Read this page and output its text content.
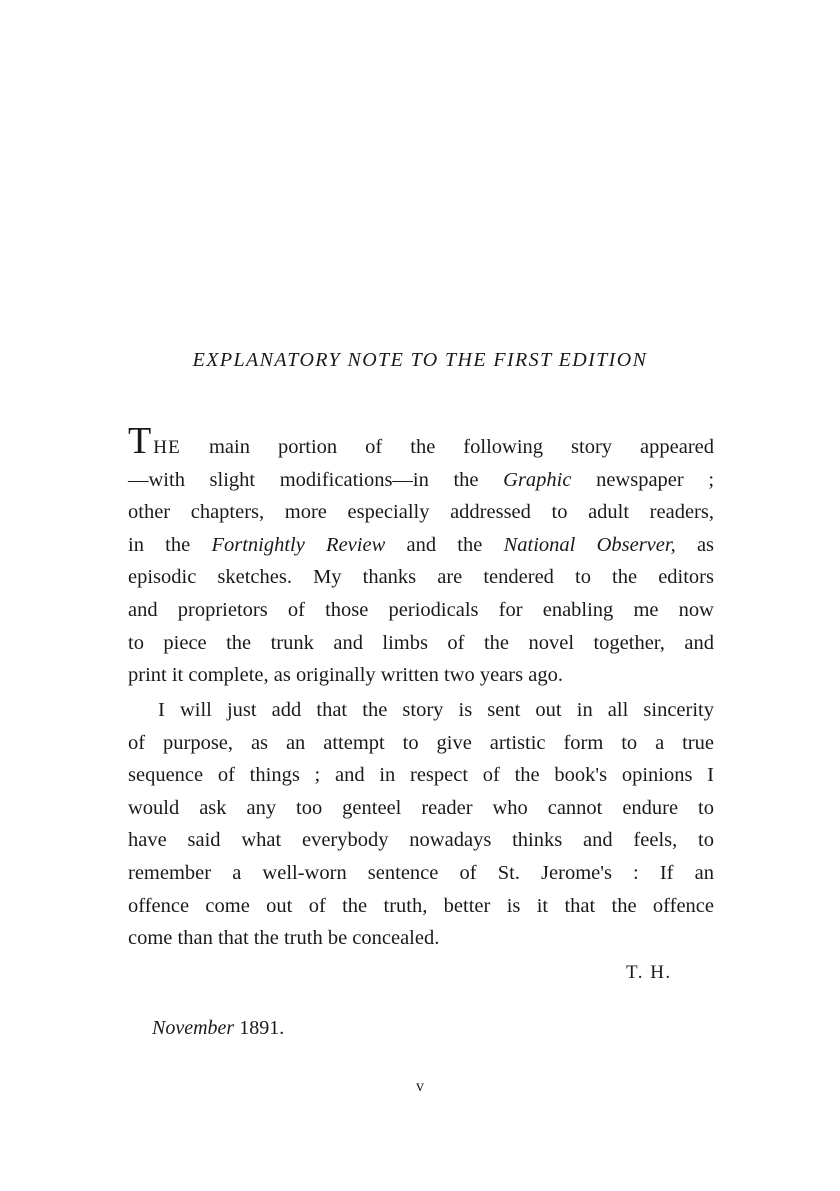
EXPLANATORY NOTE TO THE FIRST EDITION
THE main portion of the following story appeared
—with slight modifications—in the Graphic newspaper ;
other chapters, more especially addressed to adult readers,
in the Fortnightly Review and the National Observer, as
episodic sketches. My thanks are tendered to the editors
and proprietors of those periodicals for enabling me now
to piece the trunk and limbs of the novel together, and
print it complete, as originally written two years ago.
I will just add that the story is sent out in all sincerity
of purpose, as an attempt to give artistic form to a true
sequence of things ; and in respect of the book's opinions I
would ask any too genteel reader who cannot endure to
have said what everybody nowadays thinks and feels, to
remember a well-worn sentence of St. Jerome's : If an
offence come out of the truth, better is it that the offence
come than that the truth be concealed.
T. H.
November 1891.
v
